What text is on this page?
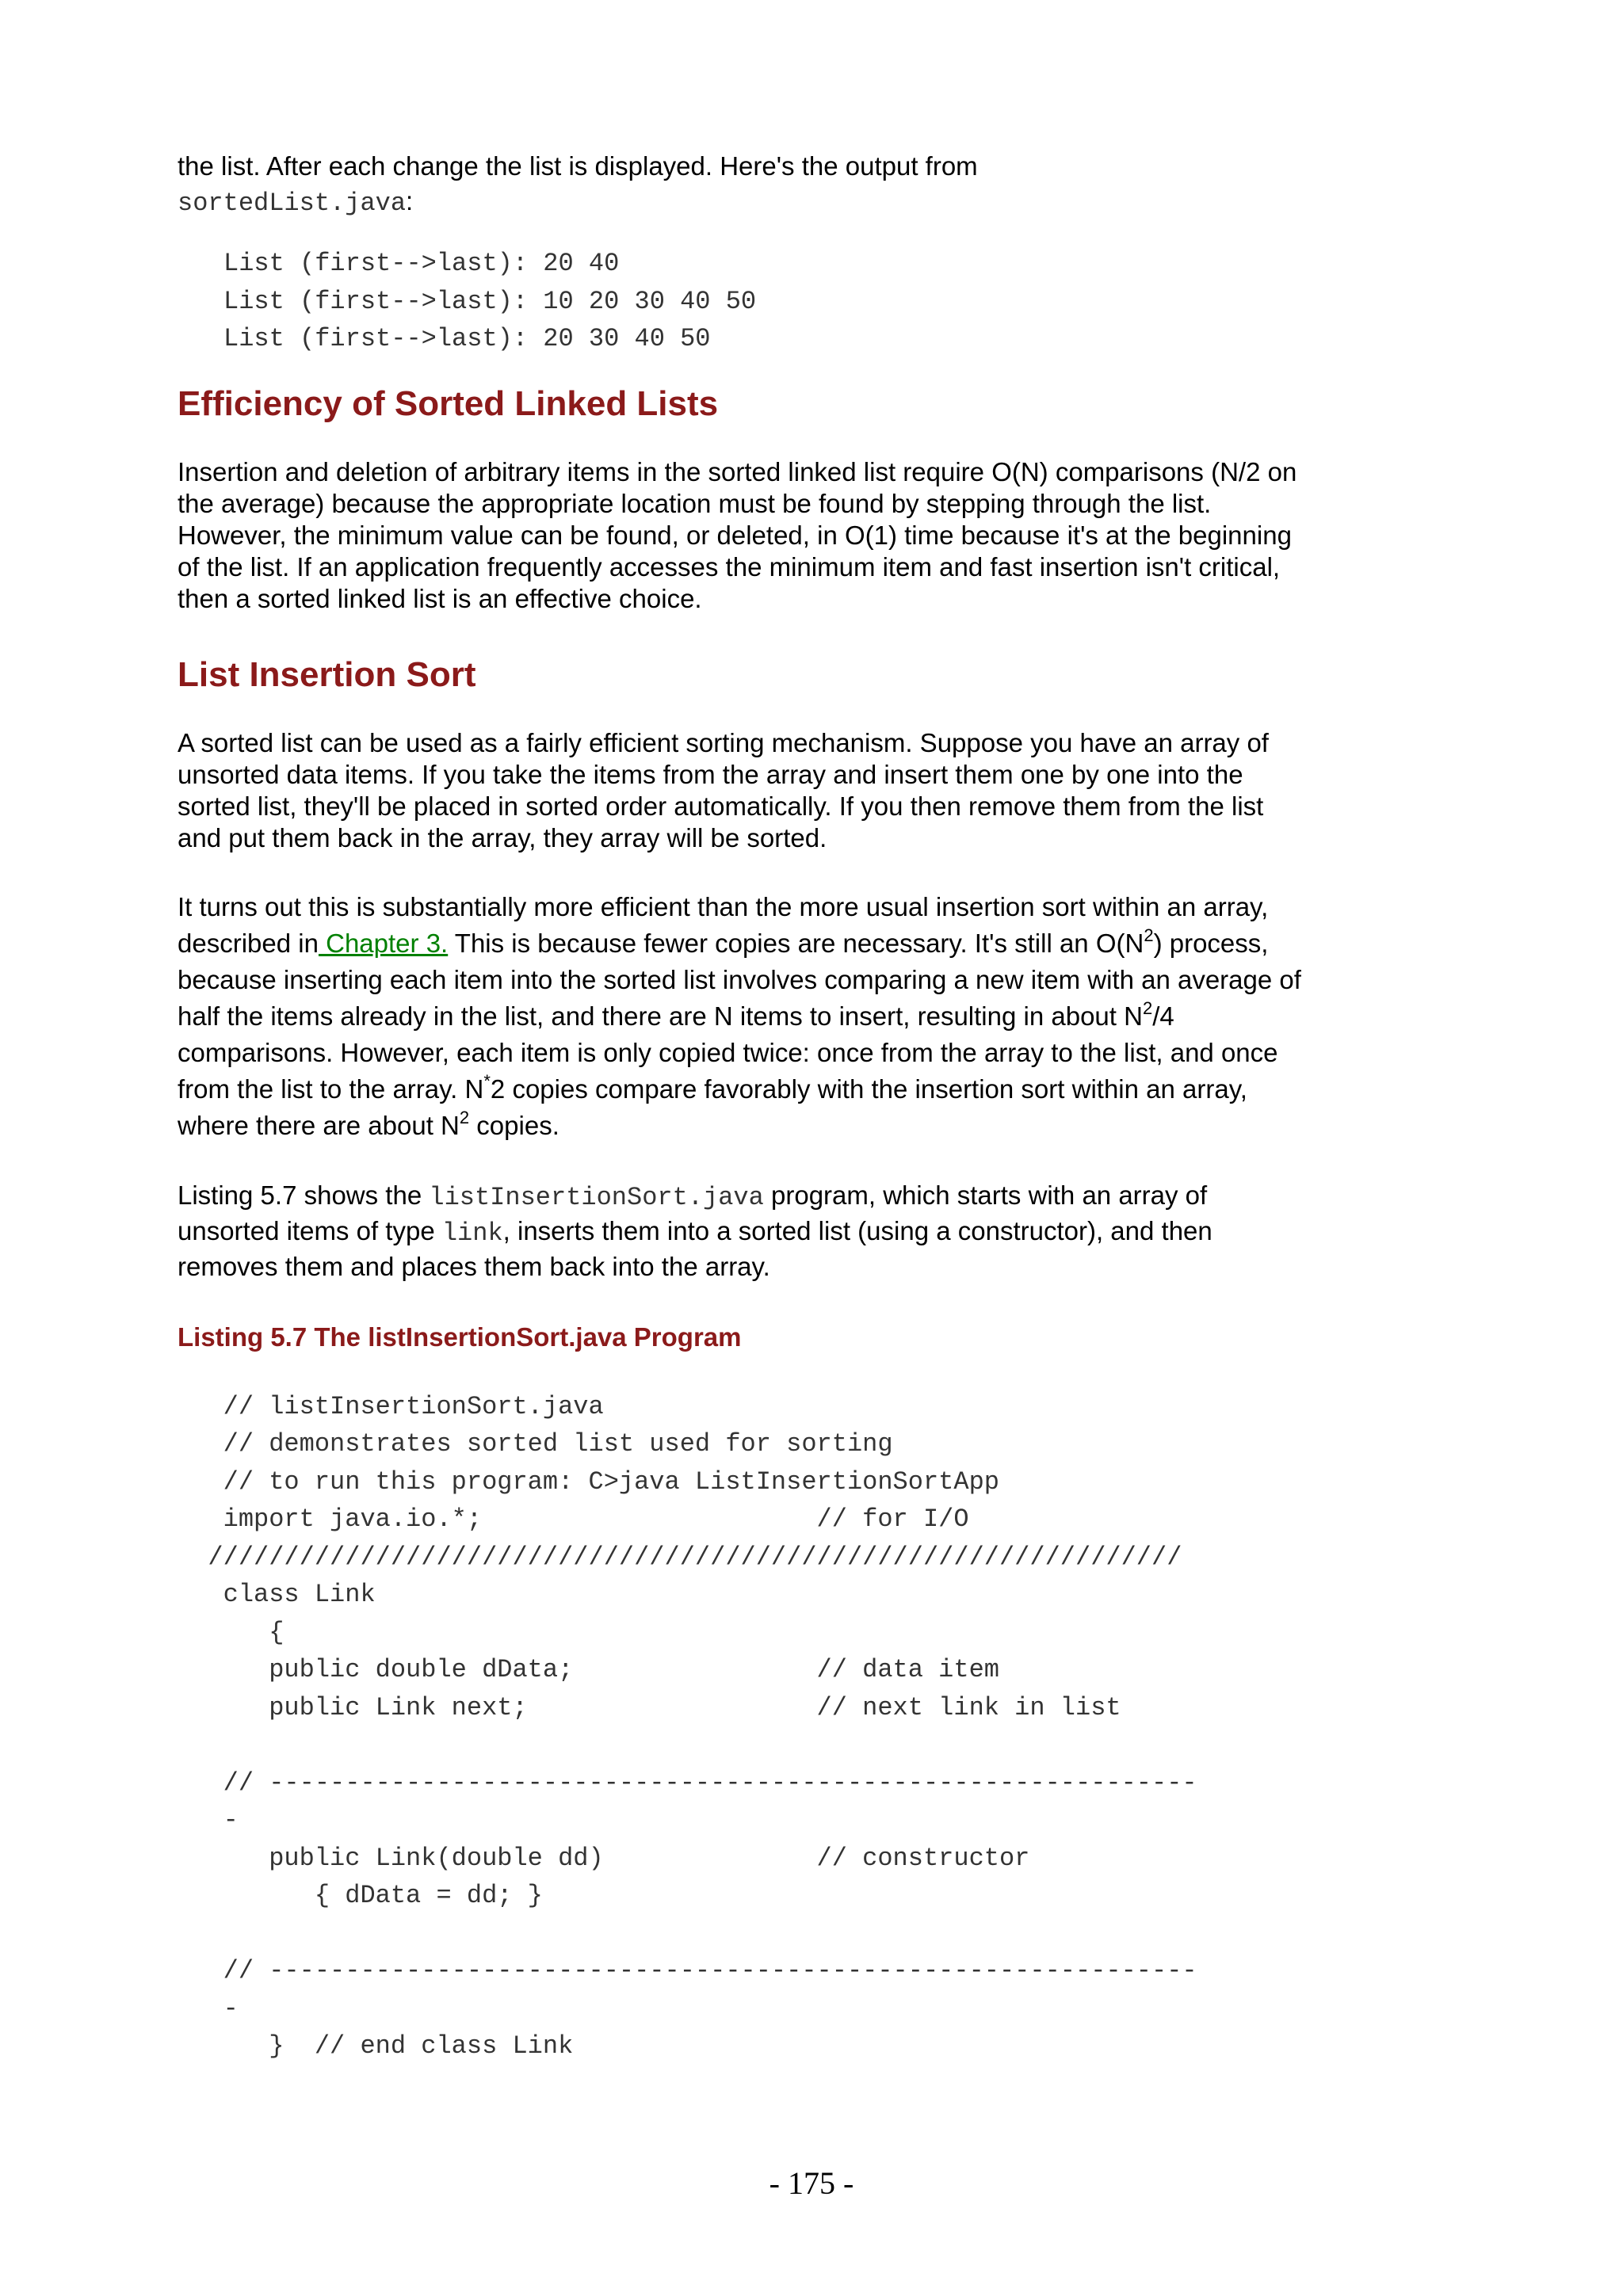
the list. After each change the list is displayed. Here's the output from
sortedList.java:

List (first-->last): 20 40
List (first-->last): 10 20 30 40 50
List (first-->last): 20 30 40 50
Efficiency of Sorted Linked Lists

Insertion and deletion of arbitrary items in the sorted linked list require O(N) comparisons (N/2 on the average) because the appropriate location must be found by stepping through the list. However, the minimum value can be found, or deleted, in O(1) time because it's at the beginning of the list. If an application frequently accesses the minimum item and fast insertion isn't critical, then a sorted linked list is an effective choice.

List Insertion Sort

A sorted list can be used as a fairly efficient sorting mechanism. Suppose you have an array of unsorted data items. If you take the items from the array and insert them one by one into the sorted list, they'll be placed in sorted order automatically. If you then remove them from the list and put them back in the array, they array will be sorted.

It turns out this is substantially more efficient than the more usual insertion sort within an array, described in Chapter 3. This is because fewer copies are necessary. It's still an $O(N^2)$ process, because inserting each item into the sorted list involves comparing a new item with an average of half the items already in the list, and there are N items to insert, resulting in about $N^2/4$ comparisons. However, each item is only copied twice: once from the array to the list, and once from the list to the array. N*2 copies compare favorably with the insertion sort within an array, where there are about $N^2$ copies.

Listing 5.7 shows the listInsertionSort.java program, which starts with an array of unsorted items of type link, inserts them into a sorted list (using a constructor), and then removes them and places them back into the array.

Listing 5.7 The listInsertionSort.java Program
// listInsertionSort.java
// demonstrates sorted list used for sorting
// to run this program: C>java ListInsertionSortApp
import java.io.*;                      // for I/O
////////////////////////////////////////////////////////////////
class Link
{
public double dData;                // data item
public Link next;                   // next link in list

// -------------------------------------------------------------
-
public Link(double dd)              // constructor
{ dData = dd; }

// -------------------------------------------------------------
-
}  // end class Link
- 175 -
